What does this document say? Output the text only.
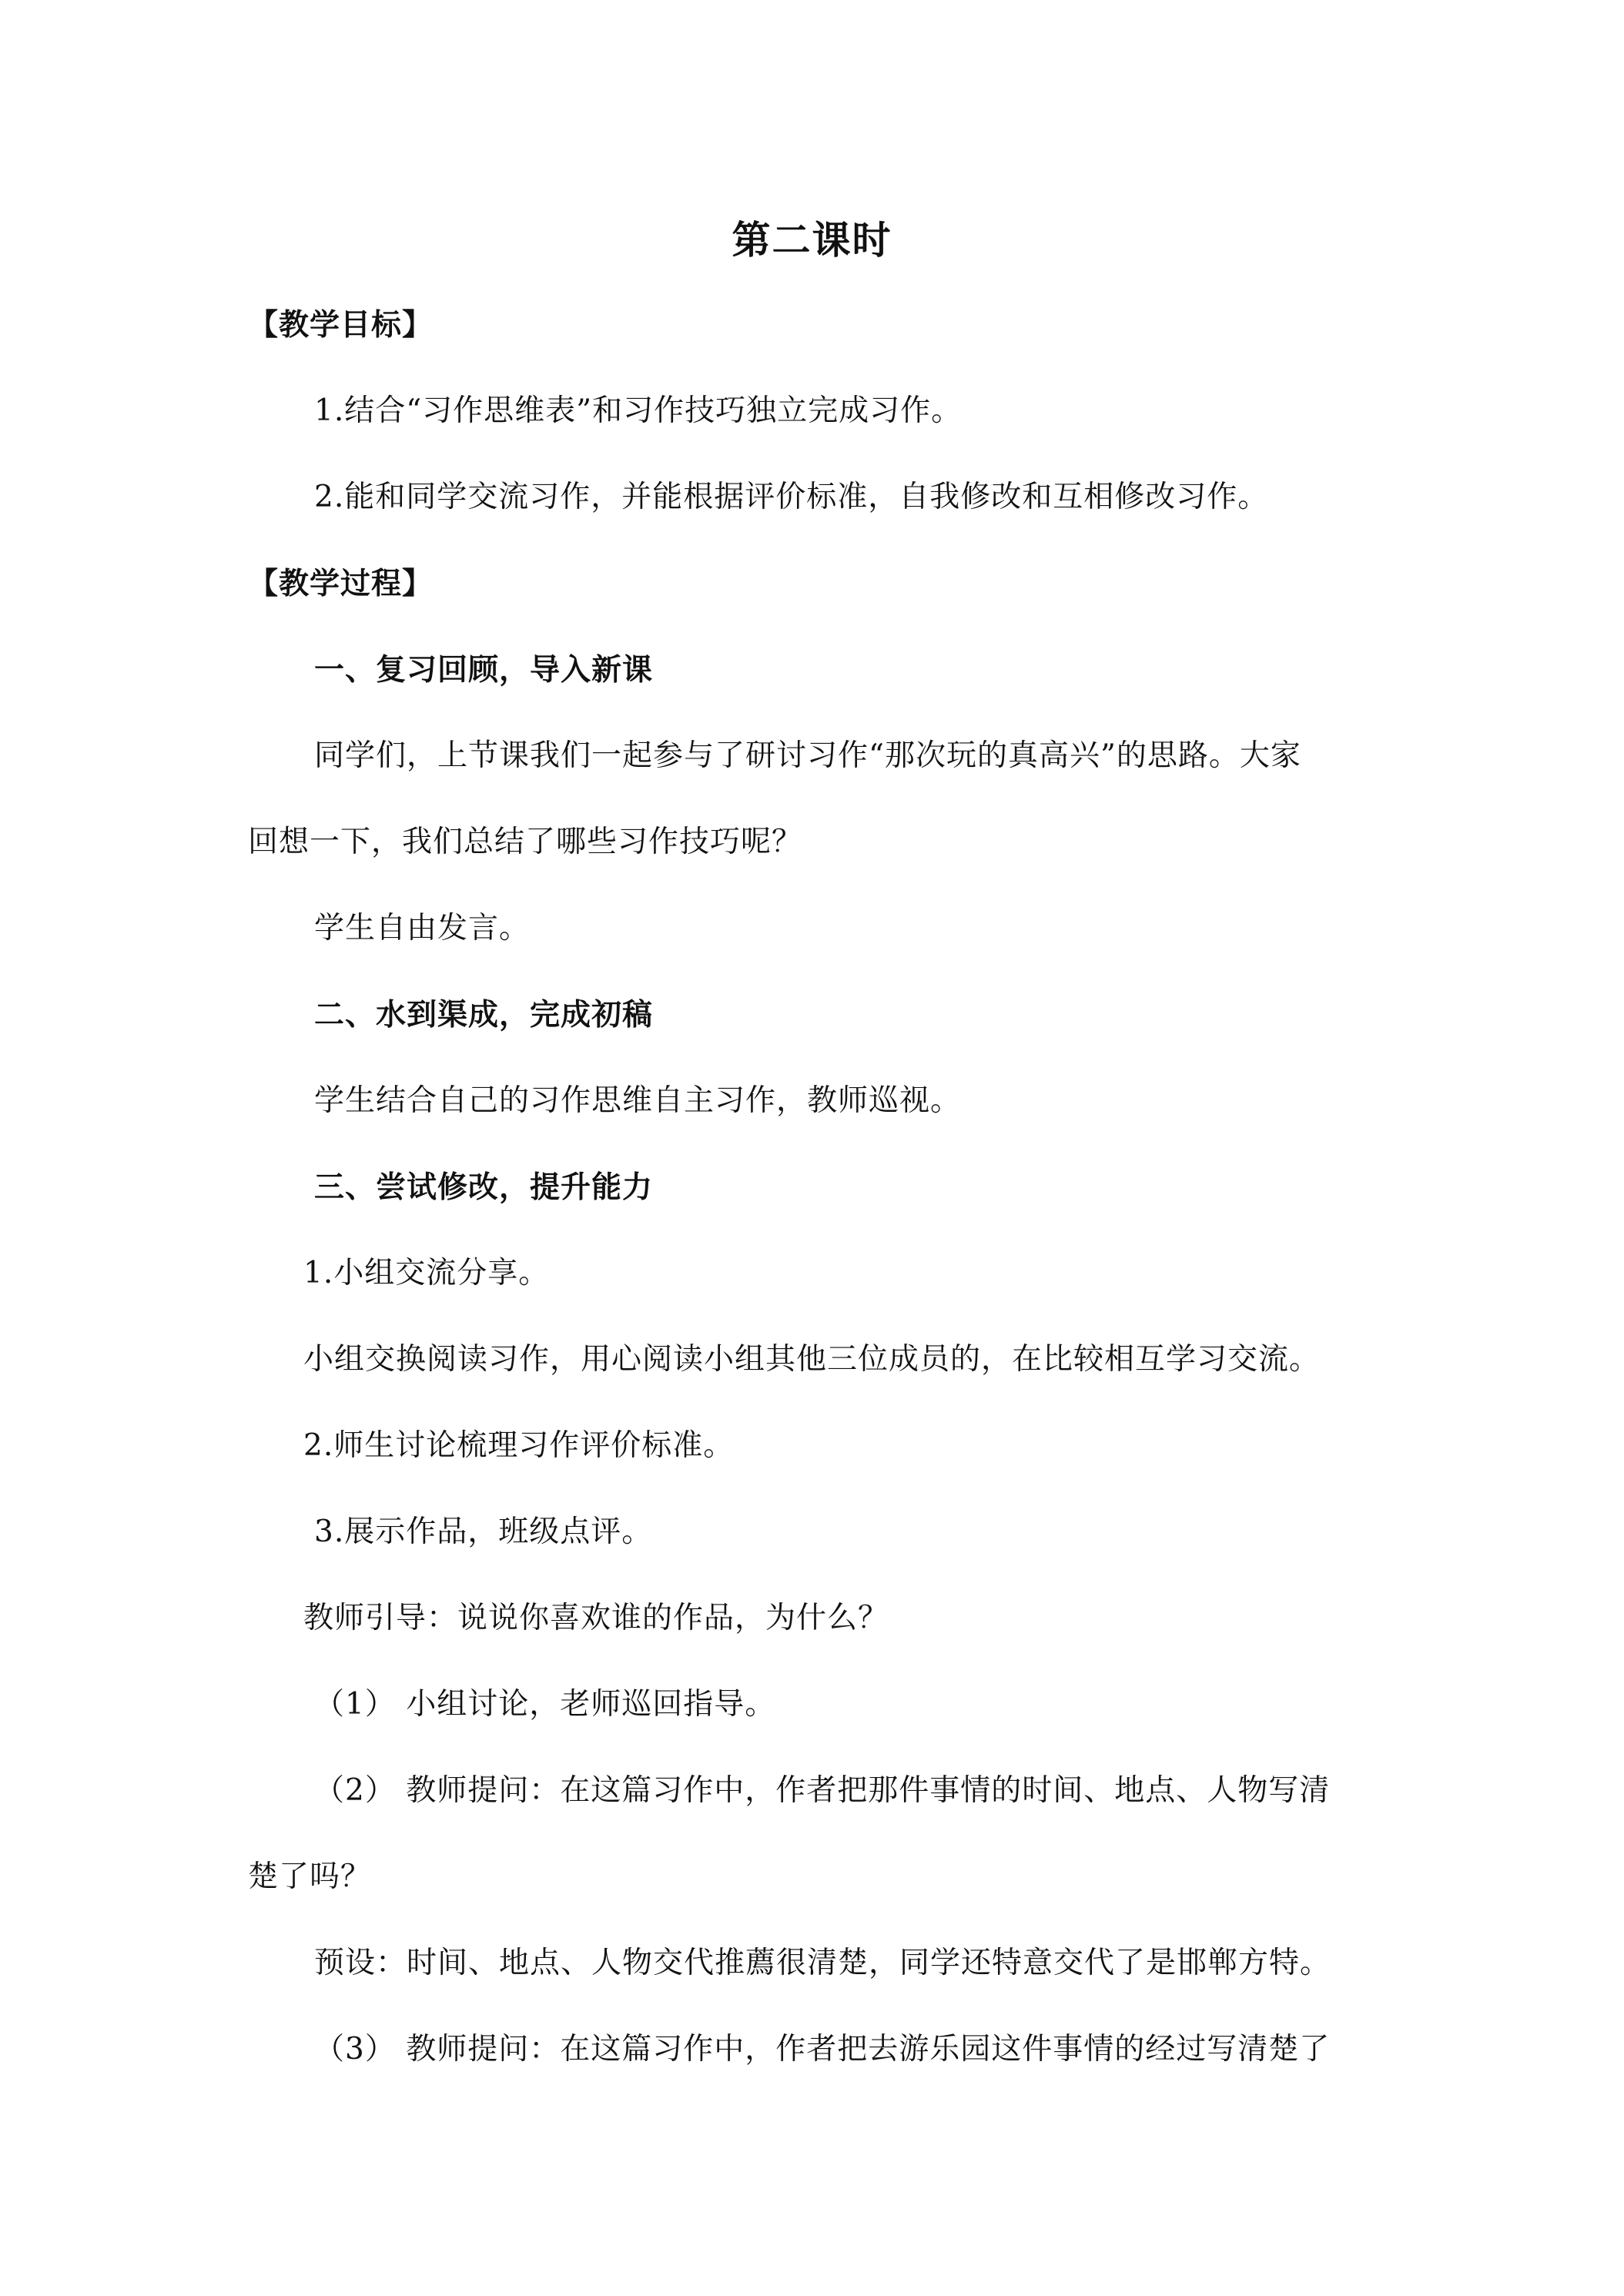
第二课时
【教学目标】
1.结合“习作思维表”和习作技巧独立完成习作。
2.能和同学交流习作，并能根据评价标准，自我修改和互相修改习作。
【教学过程】
一、复习回顾，导入新课
同学们，上节课我们一起参与了研讨习作“那次玩的真高兴”的思路。大家
回想一下，我们总结了哪些习作技巧呢？
学生自由发言。
二、水到渠成，完成初稿
学生结合自己的习作思维自主习作，教师巡视。
三、尝试修改，提升能力
1.小组交流分享。
小组交换阅读习作，用心阅读小组其他三位成员的，在比较相互学习交流。
2.师生讨论梳理习作评价标准。
3.展示作品，班级点评。
教师引导：说说你喜欢谁的作品，为什么？
（1） 小组讨论，老师巡回指导。
（2） 教师提问：在这篇习作中，作者把那件事情的时间、地点、人物写清
楚了吗？
预设：时间、地点、人物交代推薦很清楚，同学还特意交代了是邯郸方特。
（3） 教师提问：在这篇习作中，作者把去游乐园这件事情的经过写清楚了
